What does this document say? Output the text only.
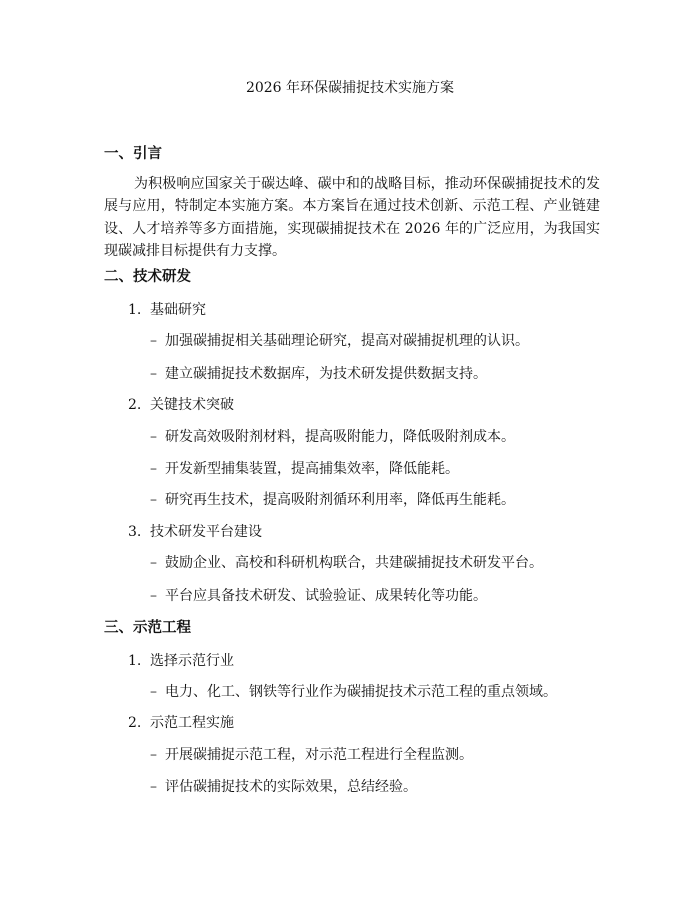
2026 年环保碳捕捉技术实施方案
一、引言

为积极响应国家关于碳达峰、碳中和的战略目标，推动环保碳捕捉技术的发展与应用，特制定本实施方案。本方案旨在通过技术创新、示范工程、产业链建设、人才培养等多方面措施，实现碳捕捉技术在 2026 年的广泛应用，为我国实现碳减排目标提供有力支撑。

二、技术研发
1. 基础研究
– 加强碳捕捉相关基础理论研究，提高对碳捕捉机理的认识。
– 建立碳捕捉技术数据库，为技术研发提供数据支持。
2. 关键技术突破
– 研发高效吸附剂材料，提高吸附能力，降低吸附剂成本。
– 开发新型捕集装置，提高捕集效率，降低能耗。
– 研究再生技术，提高吸附剂循环利用率，降低再生能耗。
3. 技术研发平台建设
– 鼓励企业、高校和科研机构联合，共建碳捕捉技术研发平台。
– 平台应具备技术研发、试验验证、成果转化等功能。
三、示范工程
1. 选择示范行业
– 电力、化工、钢铁等行业作为碳捕捉技术示范工程的重点领域。
2. 示范工程实施
– 开展碳捕捉示范工程，对示范工程进行全程监测。
– 评估碳捕捉技术的实际效果，总结经验。
